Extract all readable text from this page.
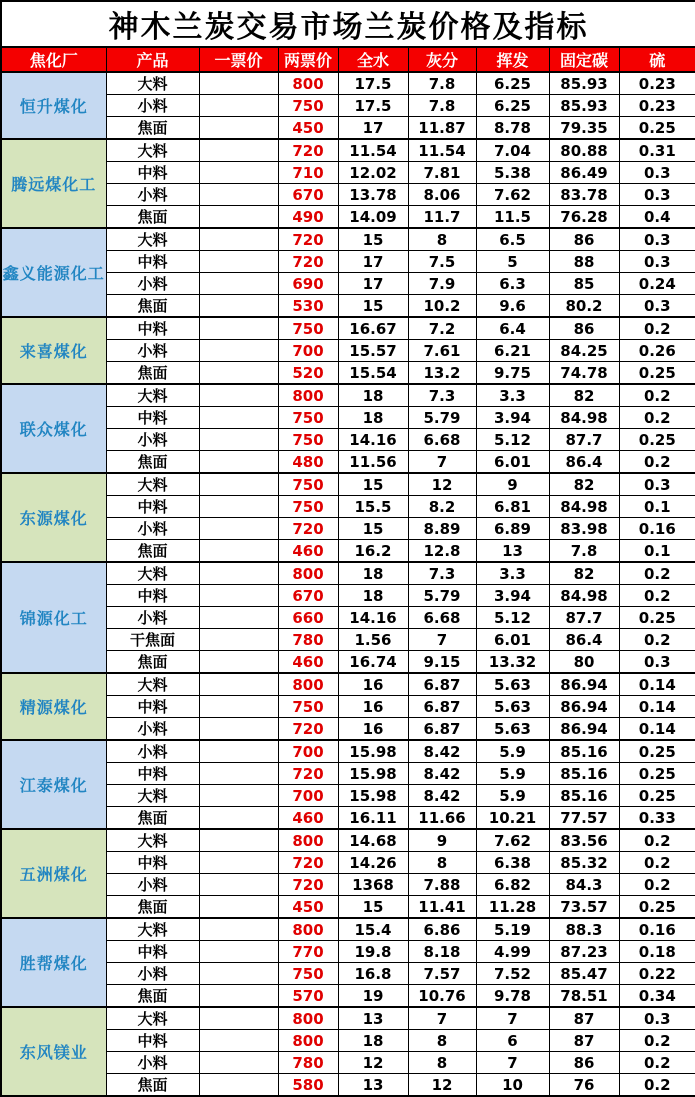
神木兰炭交易市场兰炭价格及指标								
焦化厂	产品	一票价	两票价	全水	灰分	挥发	固定碳	硫
恒升煤化	大料		800	17.5	7.8	6.25	85.93	0.23
	小料		750	17.5	7.8	6.25	85.93	0.23
	焦面		450	17	11.87	8.78	79.35	0.25
腾远煤化工	大料		720	11.54	11.54	7.04	80.88	0.31
	中料		710	12.02	7.81	5.38	86.49	0.3
	小料		670	13.78	8.06	7.62	83.78	0.3
	焦面		490	14.09	11.7	11.5	76.28	0.4
鑫义能源化工	大料		720	15	8	6.5	86	0.3
	中料		720	17	7.5	5	88	0.3
	小料		690	17	7.9	6.3	85	0.24
	焦面		530	15	10.2	9.6	80.2	0.3
来喜煤化	中料		750	16.67	7.2	6.4	86	0.2
	小料		700	15.57	7.61	6.21	84.25	0.26
	焦面		520	15.54	13.2	9.75	74.78	0.25
联众煤化	大料		800	18	7.3	3.3	82	0.2
	中料		750	18	5.79	3.94	84.98	0.2
	小料		750	14.16	6.68	5.12	87.7	0.25
	焦面		480	11.56	7	6.01	86.4	0.2
东源煤化	大料		750	15	12	9	82	0.3
	中料		750	15.5	8.2	6.81	84.98	0.1
	小料		720	15	8.89	6.89	83.98	0.16
	焦面		460	16.2	12.8	13	7.8	0.1
锦源化工	大料		800	18	7.3	3.3	82	0.2
	中料		670	18	5.79	3.94	84.98	0.2
	小料		660	14.16	6.68	5.12	87.7	0.25
	干焦面		780	1.56	7	6.01	86.4	0.2
	焦面		460	16.74	9.15	13.32	80	0.3
精源煤化	大料		800	16	6.87	5.63	86.94	0.14
	中料		750	16	6.87	5.63	86.94	0.14
	小料		720	16	6.87	5.63	86.94	0.14
江泰煤化	小料		700	15.98	8.42	5.9	85.16	0.25
	中料		720	15.98	8.42	5.9	85.16	0.25
	大料		700	15.98	8.42	5.9	85.16	0.25
	焦面		460	16.11	11.66	10.21	77.57	0.33
五洲煤化	大料		800	14.68	9	7.62	83.56	0.2
	中料		720	14.26	8	6.38	85.32	0.2
	小料		720	1368	7.88	6.82	84.3	0.2
	焦面		450	15	11.41	11.28	73.57	0.25
胜帮煤化	大料		800	15.4	6.86	5.19	88.3	0.16
	中料		770	19.8	8.18	4.99	87.23	0.18
	小料		750	16.8	7.57	7.52	85.47	0.22
	焦面		570	19	10.76	9.78	78.51	0.34
东风镁业	大料		800	13	7	7	87	0.3
	中料		800	18	8	6	87	0.2
	小料		780	12	8	7	86	0.2
	焦面		580	13	12	10	76	0.2
